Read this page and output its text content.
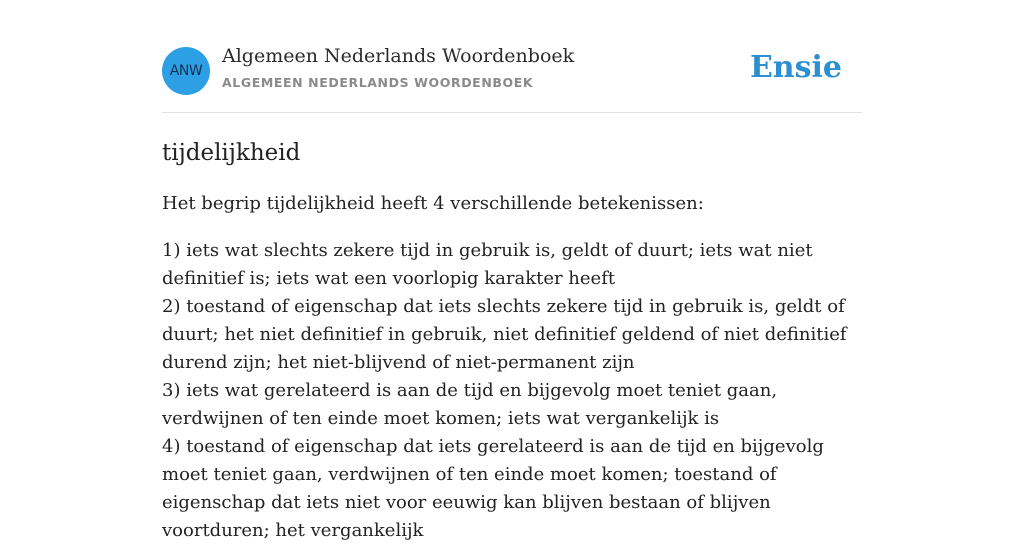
ANW
Algemeen Nederlands Woordenboek
ALGEMEEN NEDERLANDS WOORDENBOEK	Ensie
tijdelijkheid
Het begrip tijdelijkheid heeft 4 verschillende betekenissen:
1) iets wat slechts zekere tijd in gebruik is, geldt of duurt; iets wat niet definitief is; iets wat een voorlopig karakter heeft
2) toestand of eigenschap dat iets slechts zekere tijd in gebruik is, geldt of duurt; het niet definitief in gebruik, niet definitief geldend of niet definitief durend zijn; het niet-blijvend of niet-permanent zijn
3) iets wat gerelateerd is aan de tijd en bijgevolg moet teniet gaan, verdwijnen of ten einde moet komen; iets wat vergankelijk is
4) toestand of eigenschap dat iets gerelateerd is aan de tijd en bijgevolg moet teniet gaan, verdwijnen of ten einde moet komen; toestand of eigenschap dat iets niet voor eeuwig kan blijven bestaan of blijven voortduren; het vergankelijk
